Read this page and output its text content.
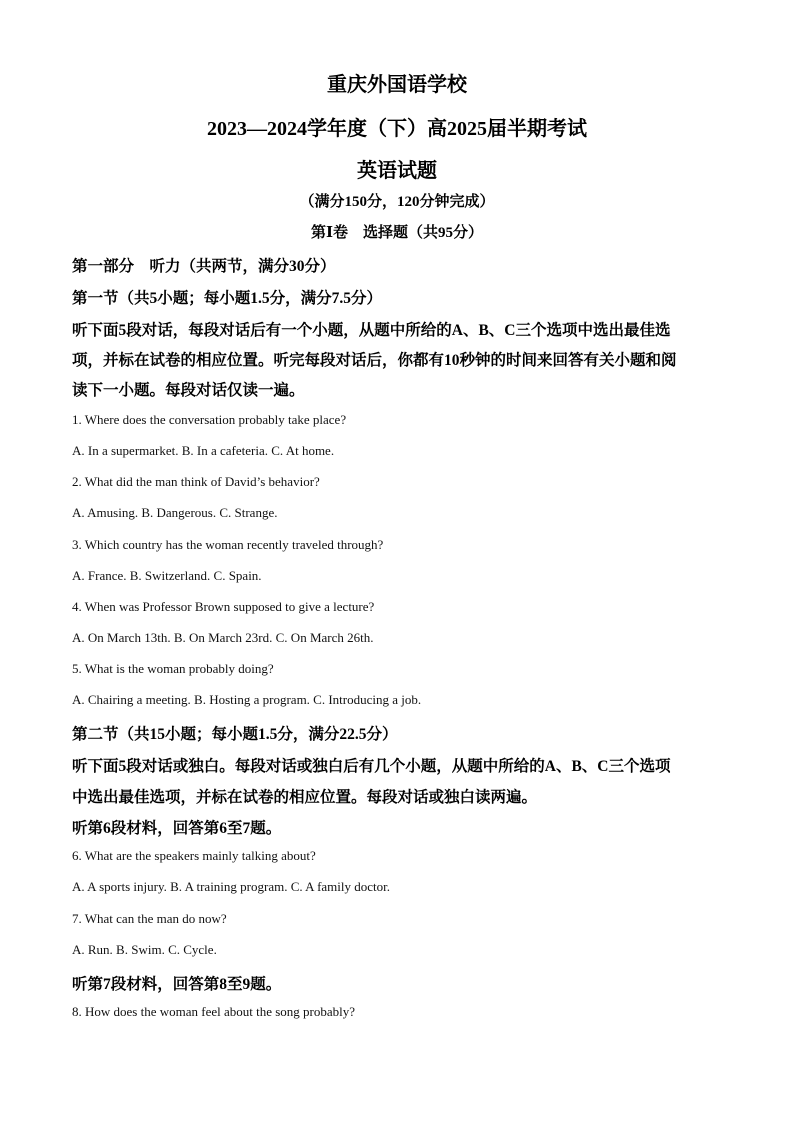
重庆外国语学校
2023—2024学年度（下）高2025届半期考试
英语试题
（满分150分，120分钟完成）
第Ⅰ卷　选择题（共95分）
第一部分　听力（共两节，满分30分）
第一节（共5小题；每小题1.5分，满分7.5分）
听下面5段对话，每段对话后有一个小题，从题中所给的A、B、C三个选项中选出最佳选
项，并标在试卷的相应位置。听完每段对话后，你都有10秒钟的时间来回答有关小题和阅
读下一小题。每段对话仅读一遍。
1. Where does the conversation probably take place?
A. In a supermarket. B. In a cafeteria. C. At home.
2. What did the man think of David’s behavior?
A. Amusing. B. Dangerous. C. Strange.
3. Which country has the woman recently traveled through?
A. France. B. Switzerland. C. Spain.
4. When was Professor Brown supposed to give a lecture?
A. On March 13th. B. On March 23rd. C. On March 26th.
5. What is the woman probably doing?
A. Chairing a meeting. B. Hosting a program. C. Introducing a job.
第二节（共15小题；每小题1.5分，满分22.5分）
听下面5段对话或独白。每段对话或独白后有几个小题，从题中所给的A、B、C三个选项
中选出最佳选项，并标在试卷的相应位置。每段对话或独白读两遍。
听第6段材料，回答第6至7题。
6. What are the speakers mainly talking about?
A. A sports injury. B. A training program. C. A family doctor.
7. What can the man do now?
A. Run. B. Swim. C. Cycle.
听第7段材料，回答第8至9题。
8. How does the woman feel about the song probably?
